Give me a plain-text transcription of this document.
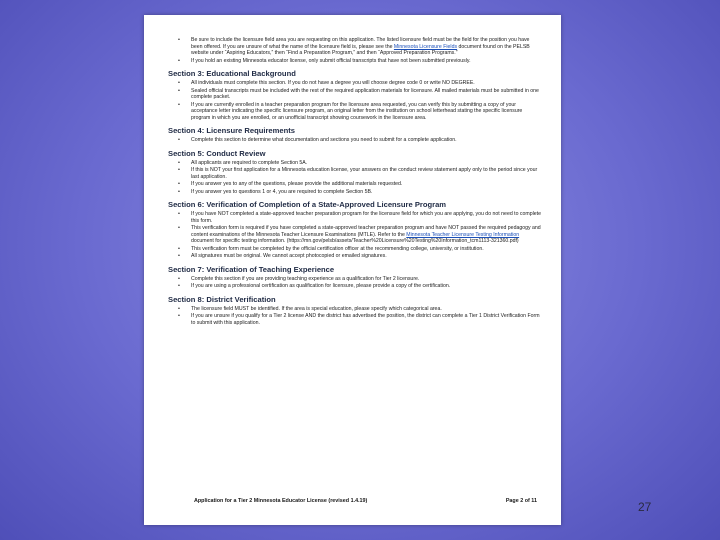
• Be sure to include the licensure field area you are requesting on this application. The listed licensure field must be the field for the position you have been offered. If you are unsure of what the name of the licensure field is, please see the Minnesota Licensure Fields document found on the PELSB website under “Aspiring Educators,” then “Find a Preparation Program,” and then “Approved Preparation Programs.”
• If you hold an existing Minnesota educator license, only submit official transcripts that have not been submitted previously.
Section 3: Educational Background
• All individuals must complete this section. If you do not have a degree you will choose degree code 0 or write NO DEGREE.
• Sealed official transcripts must be included with the rest of the required application materials for licensure. All mailed materials must be submitted in one complete packet.
• If you are currently enrolled in a teacher preparation program for the licensure area requested, you can verify this by submitting a copy of your acceptance letter indicating the specific licensure program, an original letter from the institution on school letterhead stating the specific licensure program in which you are enrolled, or an unofficial transcript showing coursework in the licensure area.
Section 4: Licensure Requirements
• Complete this section to determine what documentation and sections you need to submit for a complete application.
Section 5: Conduct Review
• All applicants are required to complete Section 5A.
• If this is NOT your first application for a Minnesota education license, your answers on the conduct review statement apply only to the period since your last application.
• If you answer yes to any of the questions, please provide the additional materials requested.
• If you answer yes to questions 1 or 4, you are required to complete Section 5B.
Section 6: Verification of Completion of a State-Approved Licensure Program
• If you have NOT completed a state-approved teacher preparation program for the licensure field for which you are applying, you do not need to complete this form.
• This verification form is required if you have completed a state-approved teacher preparation program and have NOT passed the required pedagogy and content examinations of the Minnesota Teacher Licensure Examinations (MTLE). Refer to the Minnesota Teacher Licensure Testing Information document for specific testing information. (https://mn.gov/pelsb/assets/Teacher%20Licensure%20Testing%20Information_tcm1113-321360.pdf)
• This verification form must be completed by the official certification officer at the recommending college, university, or institution.
• All signatures must be original. We cannot accept photocopied or emailed signatures.
Section 7: Verification of Teaching Experience
• Complete this section if you are providing teaching experience as a qualification for Tier 2 licensure.
• If you are using a professional certification as qualification for licensure, please provide a copy of the certification.
Section 8: District Verification
• The licensure field MUST be identified. If the area is special education, please specify which categorical area.
• If you are unsure if you qualify for a Tier 2 license AND the district has advertised the position, the district can complete a Tier 1 District Verification Form to submit with this application.
Application for a Tier 2 Minnesota Educator License (revised 1.4.19)	Page 2 of 11	27
